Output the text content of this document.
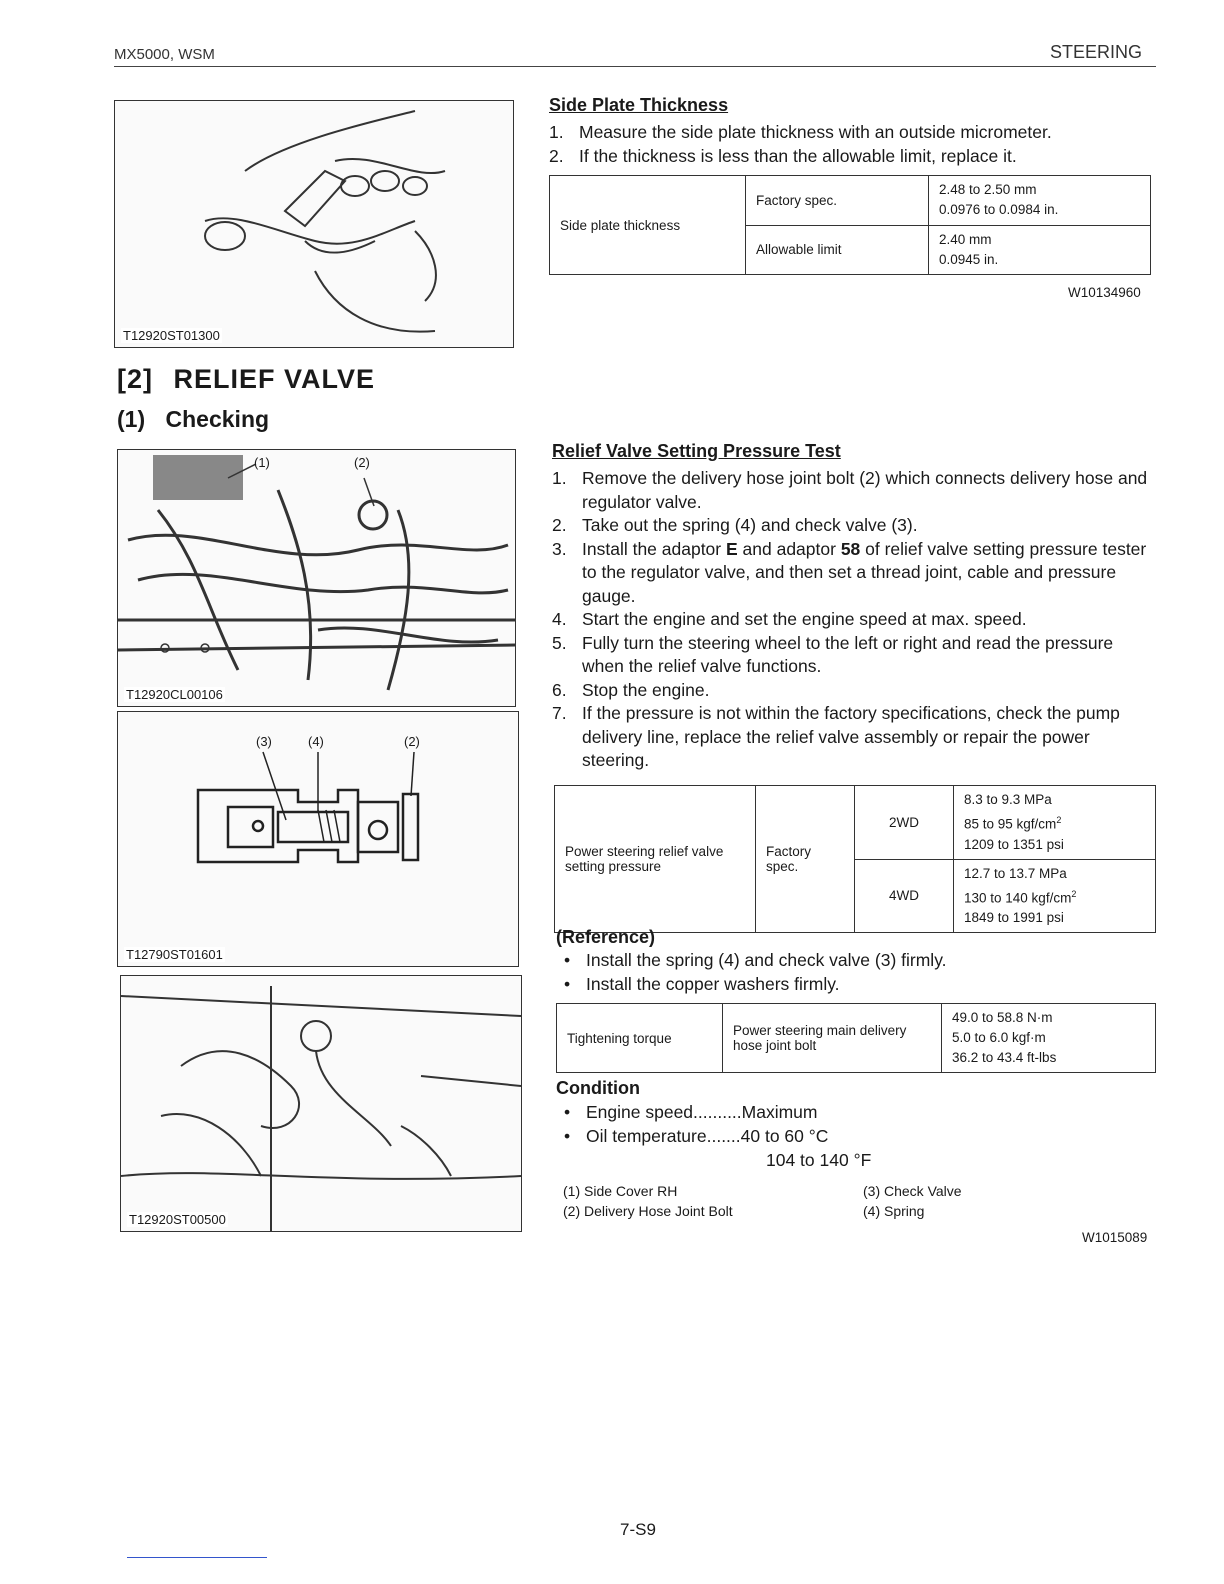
MX5000, WSM	STEERING
T12920ST01300
[2] RELIEF VALVE
(1) Checking
(1)	(2)
T12920CL00106
(3)	(4)	(2)
T12790ST01601
T12920ST00500
Side Plate Thickness
1. Measure the side plate thickness with an outside micrometer.
2. If the thickness is less than the allowable limit, replace it.
Side plate thickness	Factory spec.	2.48 to 2.50 mm
0.0976 to 0.0984 in.

	Allowable limit	2.40 mm
0.0945 in.
W10134960
Relief Valve Setting Pressure Test
1. Remove the delivery hose joint bolt (2) which connects delivery hose and regulator valve.
2. Take out the spring (4) and check valve (3).
3. Install the adaptor E and adaptor 58 of relief valve setting pressure tester to the regulator valve, and then set a thread joint, cable and pressure gauge.
4. Start the engine and set the engine speed at max. speed.
5. Fully turn the steering wheel to the left or right and read the pressure when the relief valve functions.
6. Stop the engine.
7. If the pressure is not within the factory specifications, check the pump delivery line, replace the relief valve assembly or repair the power steering.
Power steering relief valve setting pressure	Factory spec.	2WD	8.3 to 9.3 MPa
85 to 95 kgf/$cm^2$
1209 to 1351 psi

		4WD	12.7 to 13.7 MPa
130 to 140 kgf/$cm^2$
1849 to 1991 psi
(Reference)
• Install the spring (4) and check valve (3) firmly.
• Install the copper washers firmly.
Tightening torque	Power steering main delivery hose joint bolt	
49.0 to 58.8 N·m
5.0 to 6.0 kgf·m
36.2 to 43.4 ft-lbs
Condition
• Engine speed..........Maximum
• Oil temperature.......40 to 60 °C
104 to 140 °F
(1) Side Cover RH
(2) Delivery Hose Joint Bolt
(3) Check Valve
(4) Spring
W1015089
7-S9
